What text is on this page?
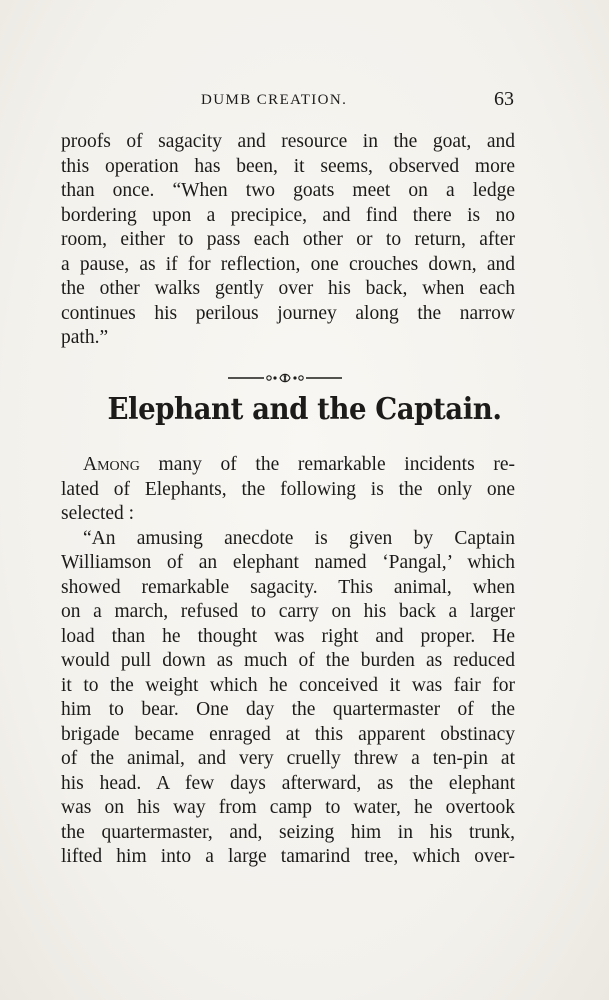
DUMB CREATION.	63
proofs of sagacity and resource in the goat, and
this operation has been, it seems, observed more
than once. “When two goats meet on a ledge
bordering upon a precipice, and find there is no
room, either to pass each other or to return, after
a pause, as if for reflection, one crouches down, and
the other walks gently over his back, when each
continues his perilous journey along the narrow
path.”
Elephant and the Captain.
Among many of the remarkable incidents re-
lated of Elephants, the following is the only one
selected :
“An amusing anecdote is given by Captain
Williamson of an elephant named ‘Pangal,’ which
showed remarkable sagacity. This animal, when
on a march, refused to carry on his back a larger
load than he thought was right and proper. He
would pull down as much of the burden as reduced
it to the weight which he conceived it was fair for
him to bear. One day the quartermaster of the
brigade became enraged at this apparent obstinacy
of the animal, and very cruelly threw a ten-pin at
his head. A few days afterward, as the elephant
was on his way from camp to water, he overtook
the quartermaster, and, seizing him in his trunk,
lifted him into a large tamarind tree, which over-
